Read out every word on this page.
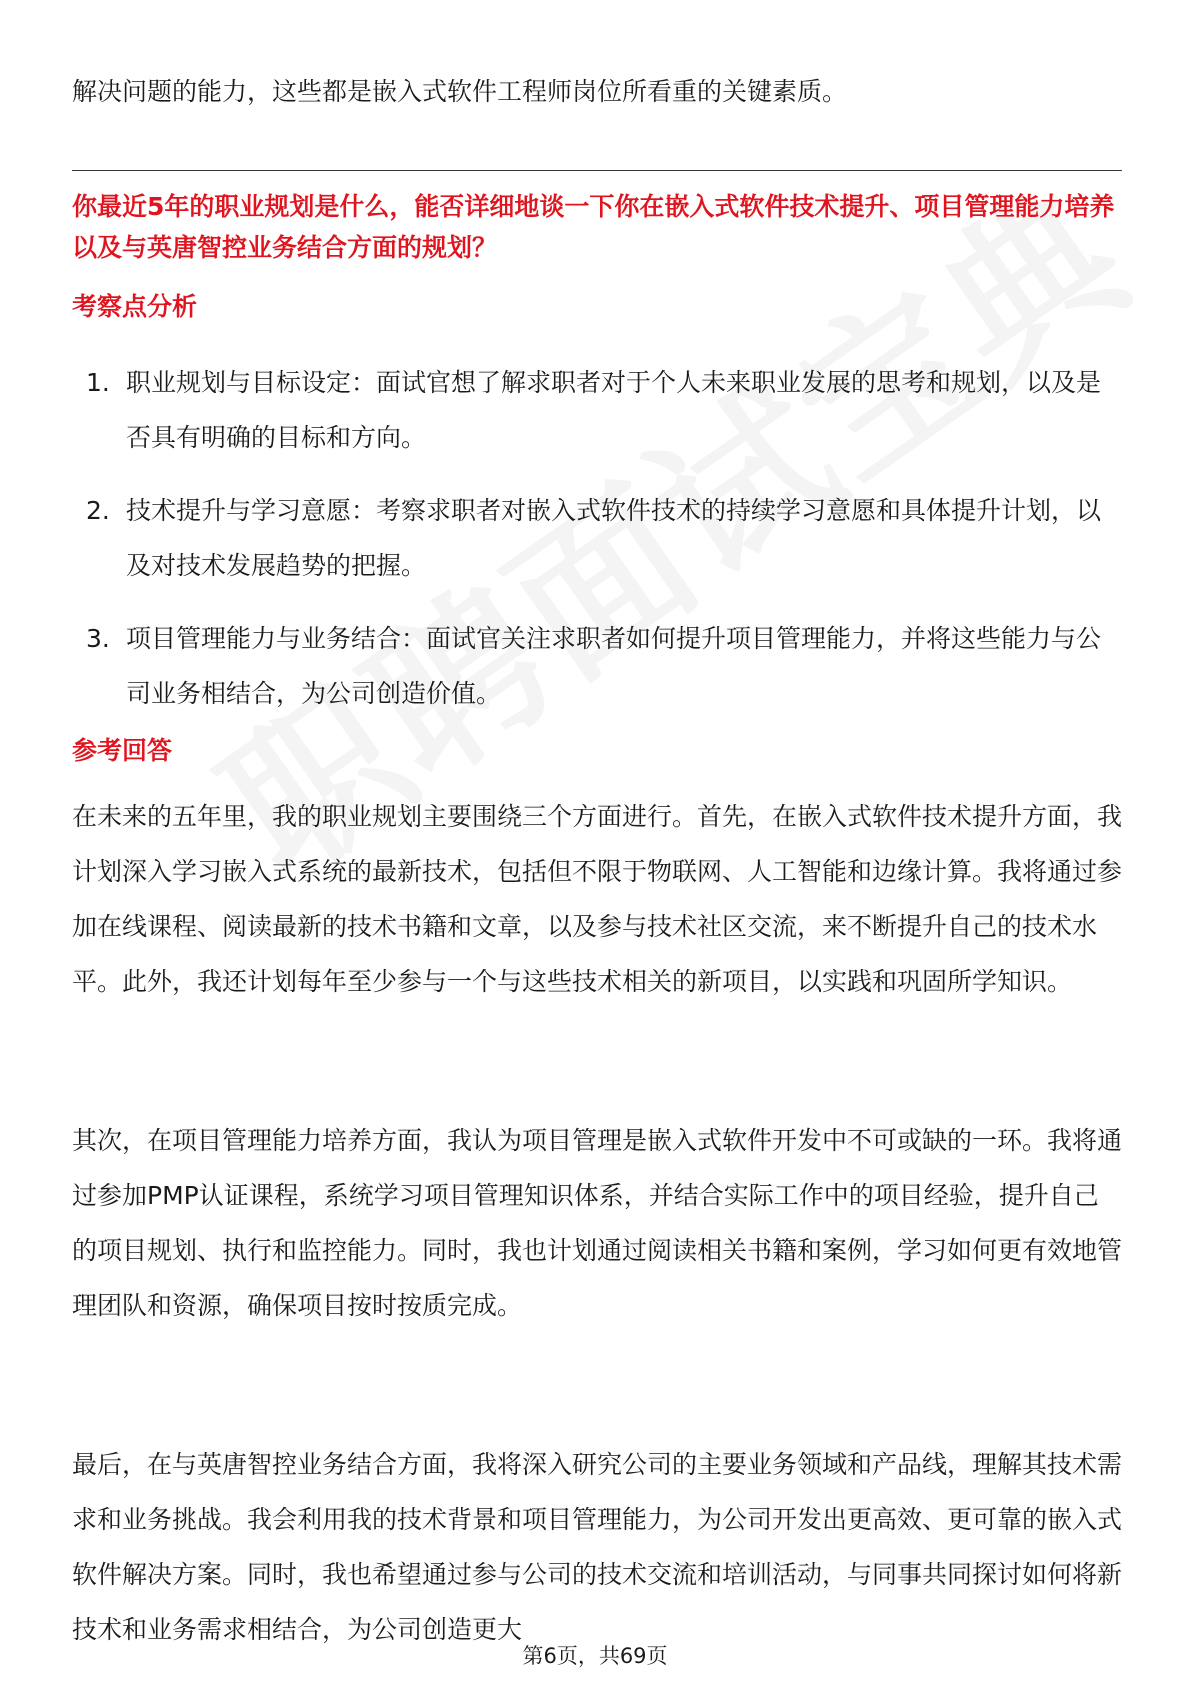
解决问题的能力，这些都是嵌入式软件工程师岗位所看重的关键素质。

你最近5年的职业规划是什么，能否详细地谈一下你在嵌入式软件技术提升、项目管理能力培养以及与英唐智控业务结合方面的规划？

考察点分析
1. 职业规划与目标设定：面试官想了解求职者对于个人未来职业发展的思考和规划，以及是否具有明确的目标和方向。
2. 技术提升与学习意愿：考察求职者对嵌入式软件技术的持续学习意愿和具体提升计划，以及对技术发展趋势的把握。
3. 项目管理能力与业务结合：面试官关注求职者如何提升项目管理能力，并将这些能力与公司业务相结合，为公司创造价值。
参考回答

在未来的五年里，我的职业规划主要围绕三个方面进行。首先，在嵌入式软件技术提升方面，我计划深入学习嵌入式系统的最新技术，包括但不限于物联网、人工智能和边缘计算。我将通过参加在线课程、阅读最新的技术书籍和文章，以及参与技术社区交流，来不断提升自己的技术水平。此外，我还计划每年至少参与一个与这些技术相关的新项目，以实践和巩固所学知识。

其次，在项目管理能力培养方面，我认为项目管理是嵌入式软件开发中不可或缺的一环。我将通过参加PMP认证课程，系统学习项目管理知识体系，并结合实际工作中的项目经验，提升自己的项目规划、执行和监控能力。同时，我也计划通过阅读相关书籍和案例，学习如何更有效地管理团队和资源，确保项目按时按质完成。

最后，在与英唐智控业务结合方面，我将深入研究公司的主要业务领域和产品线，理解其技术需求和业务挑战。我会利用我的技术背景和项目管理能力，为公司开发出更高效、更可靠的嵌入式软件解决方案。同时，我也希望通过参与公司的技术交流和培训活动，与同事共同探讨如何将新技术和业务需求相结合，为公司创造更大

第6页，共69页
